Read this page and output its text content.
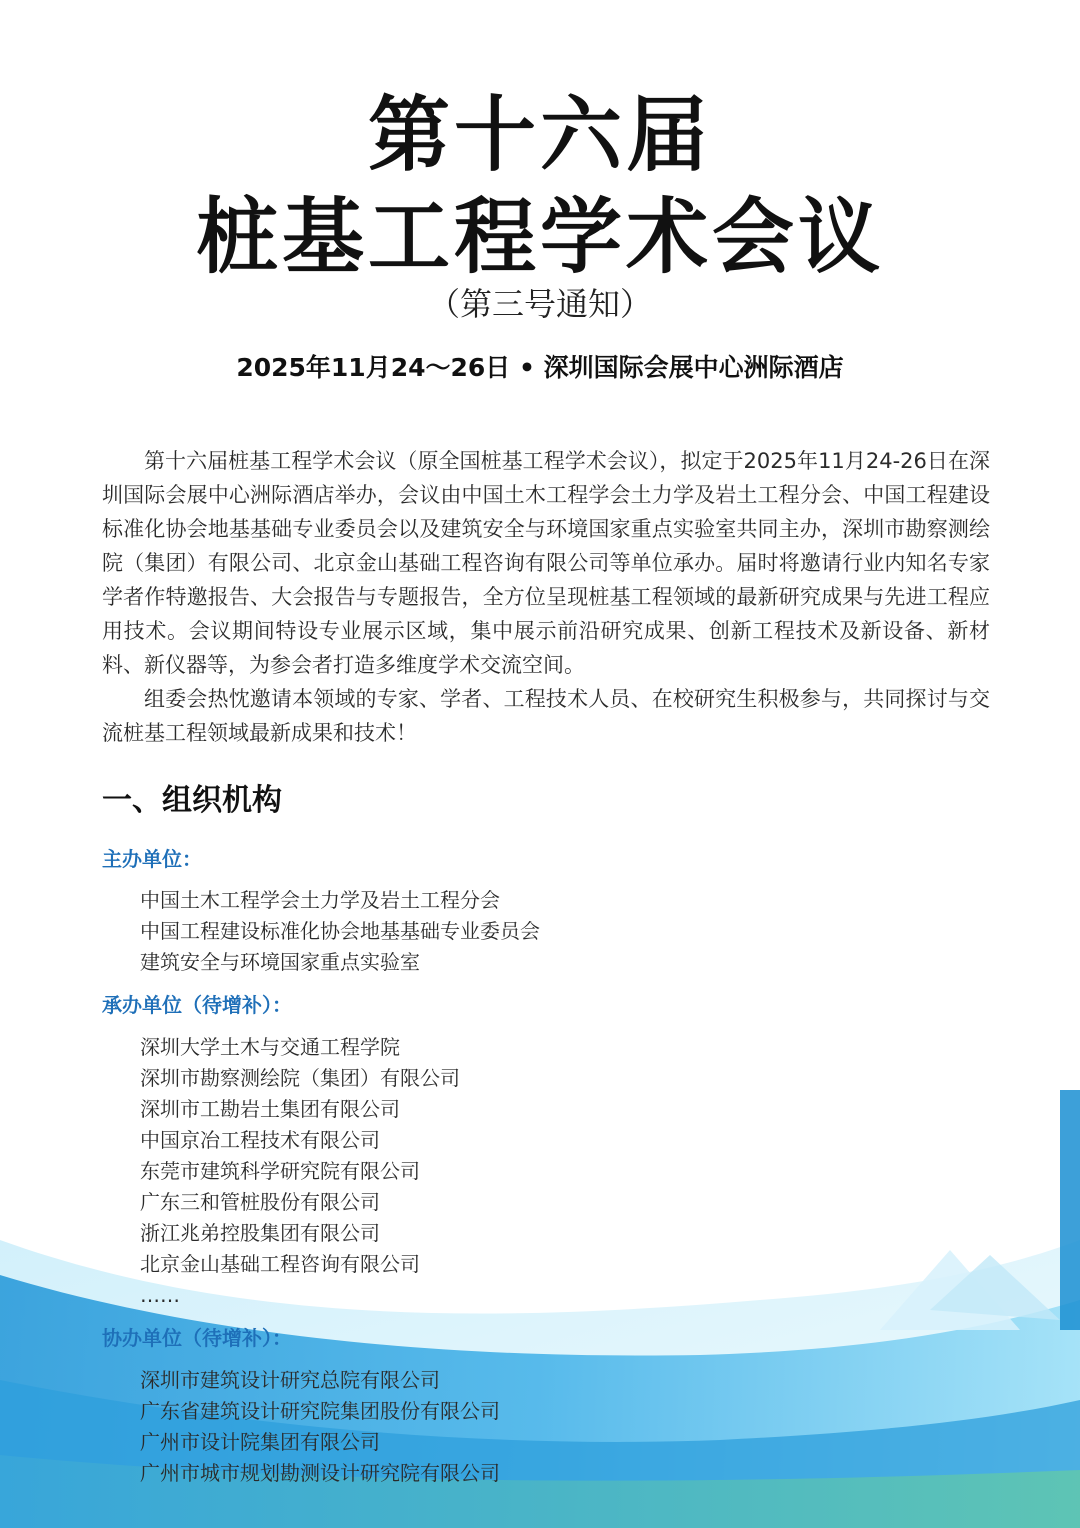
第十六届
桩基工程学术会议
（第三号通知）
2025年11月24～26日 • 深圳国际会展中心洲际酒店

第十六届桩基工程学术会议（原全国桩基工程学术会议），拟定于2025年11月24-26日在深圳国际会展中心洲际酒店举办，会议由中国土木工程学会土力学及岩土工程分会、中国工程建设标准化协会地基基础专业委员会以及建筑安全与环境国家重点实验室共同主办，深圳市勘察测绘院（集团）有限公司、北京金山基础工程咨询有限公司等单位承办。届时将邀请行业内知名专家学者作特邀报告、大会报告与专题报告，全方位呈现桩基工程领域的最新研究成果与先进工程应用技术。会议期间特设专业展示区域，集中展示前沿研究成果、创新工程技术及新设备、新材料、新仪器等，为参会者打造多维度学术交流空间。

组委会热忱邀请本领域的专家、学者、工程技术人员、在校研究生积极参与，共同探讨与交流桩基工程领域最新成果和技术！

一、组织机构
主办单位：
中国土木工程学会土力学及岩土工程分会
中国工程建设标准化协会地基基础专业委员会
建筑安全与环境国家重点实验室
承办单位（待增补）：
深圳大学土木与交通工程学院
深圳市勘察测绘院（集团）有限公司
深圳市工勘岩土集团有限公司
中国京冶工程技术有限公司
东莞市建筑科学研究院有限公司
广东三和管桩股份有限公司
浙江兆弟控股集团有限公司
北京金山基础工程咨询有限公司
……
协办单位（待增补）：
深圳市建筑设计研究总院有限公司
广东省建筑设计研究院集团股份有限公司
广州市设计院集团有限公司
广州市城市规划勘测设计研究院有限公司
